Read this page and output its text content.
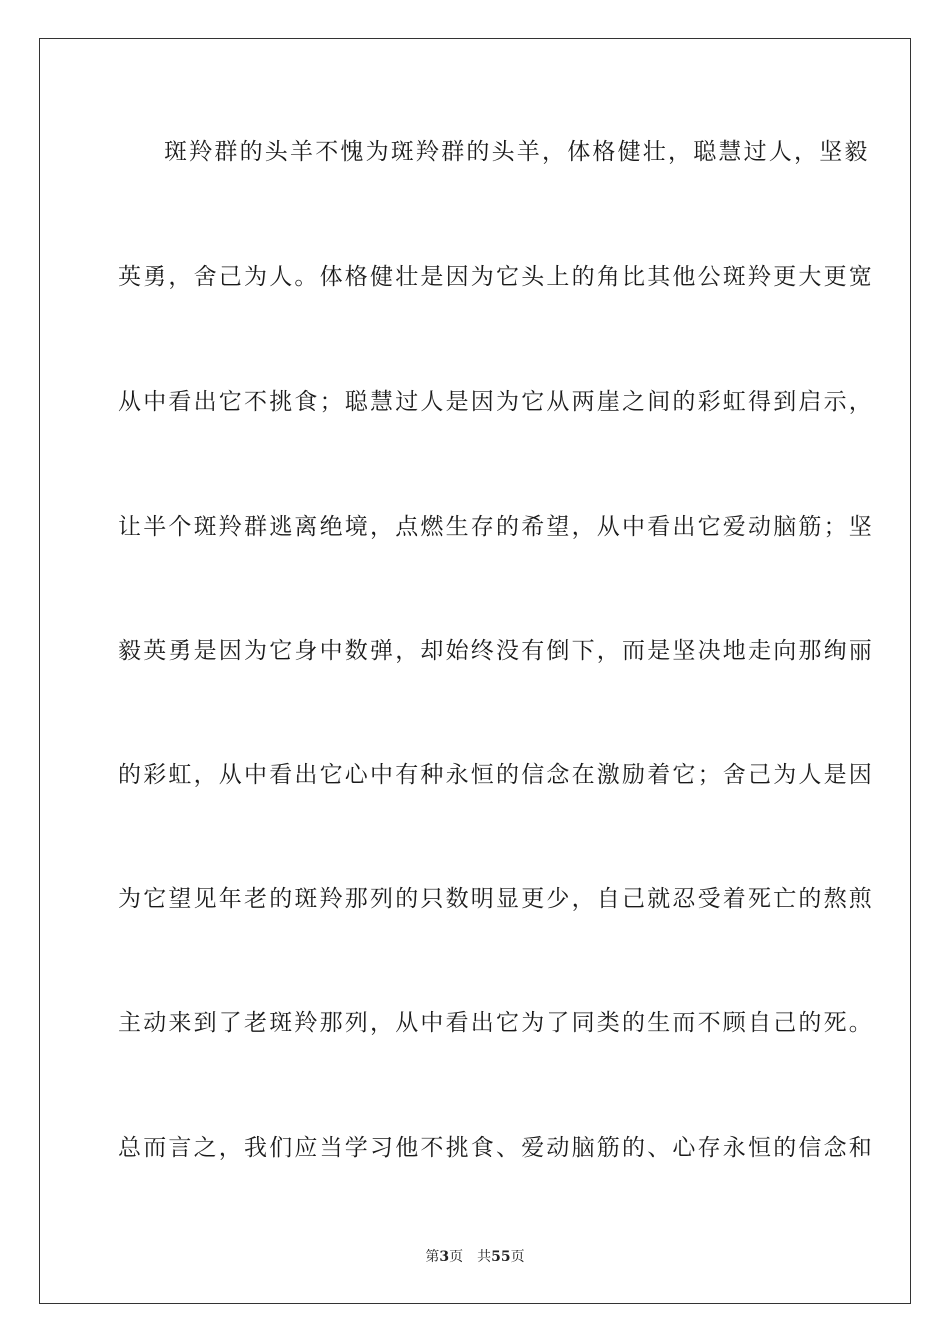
斑羚群的头羊不愧为斑羚群的头羊，体格健壮，聪慧过人，坚毅
英勇，舍己为人。体格健壮是因为它头上的角比其他公斑羚更大更宽
从中看出它不挑食；聪慧过人是因为它从两崖之间的彩虹得到启示，
让半个斑羚群逃离绝境，点燃生存的希望，从中看出它爱动脑筋；坚
毅英勇是因为它身中数弹，却始终没有倒下，而是坚决地走向那绚丽
的彩虹，从中看出它心中有种永恒的信念在激励着它；舍己为人是因
为它望见年老的斑羚那列的只数明显更少，自己就忍受着死亡的熬煎
主动来到了老斑羚那列，从中看出它为了同类的生而不顾自己的死。
总而言之，我们应当学习他不挑食、爱动脑筋的、心存永恒的信念和
第3页 共55页
